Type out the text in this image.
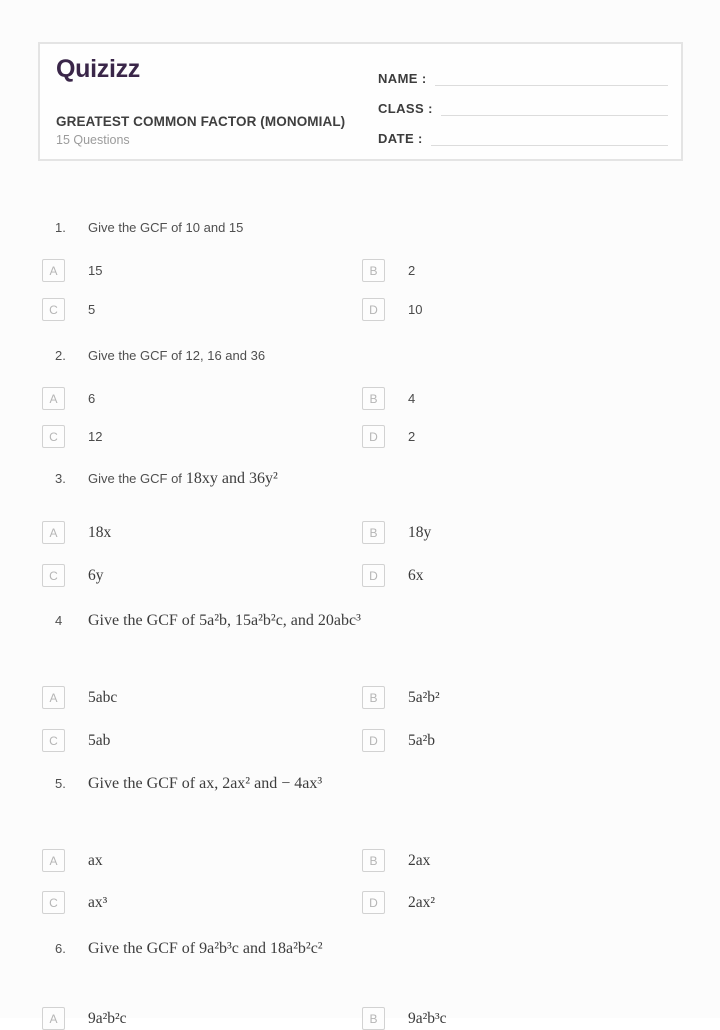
Quizizz
GREATEST COMMON FACTOR (MONOMIAL)
15 Questions
NAME :
CLASS :
DATE :
1.	Give the GCF of 10 and 15
A	15	B	2
C	5	D	10
2.	Give the GCF of 12, 16 and 36
A	6	B	4
C	12	D	2
3.	Give the GCF of 18xy and 36y²
A	18x	B	18y
C	6y	D	6x
4	Give the GCF of 5a²b, 15a²b²c, and 20abc³
A	5abc	B	5a²b²
C	5ab	D	5a²b
5.	Give the GCF of ax, 2ax² and − 4ax³
A	ax	B	2ax
C	ax³	D	2ax²
6.	Give the GCF of 9a²b³c and 18a²b²c²
A	9a²b²c	B	9a²b³c
